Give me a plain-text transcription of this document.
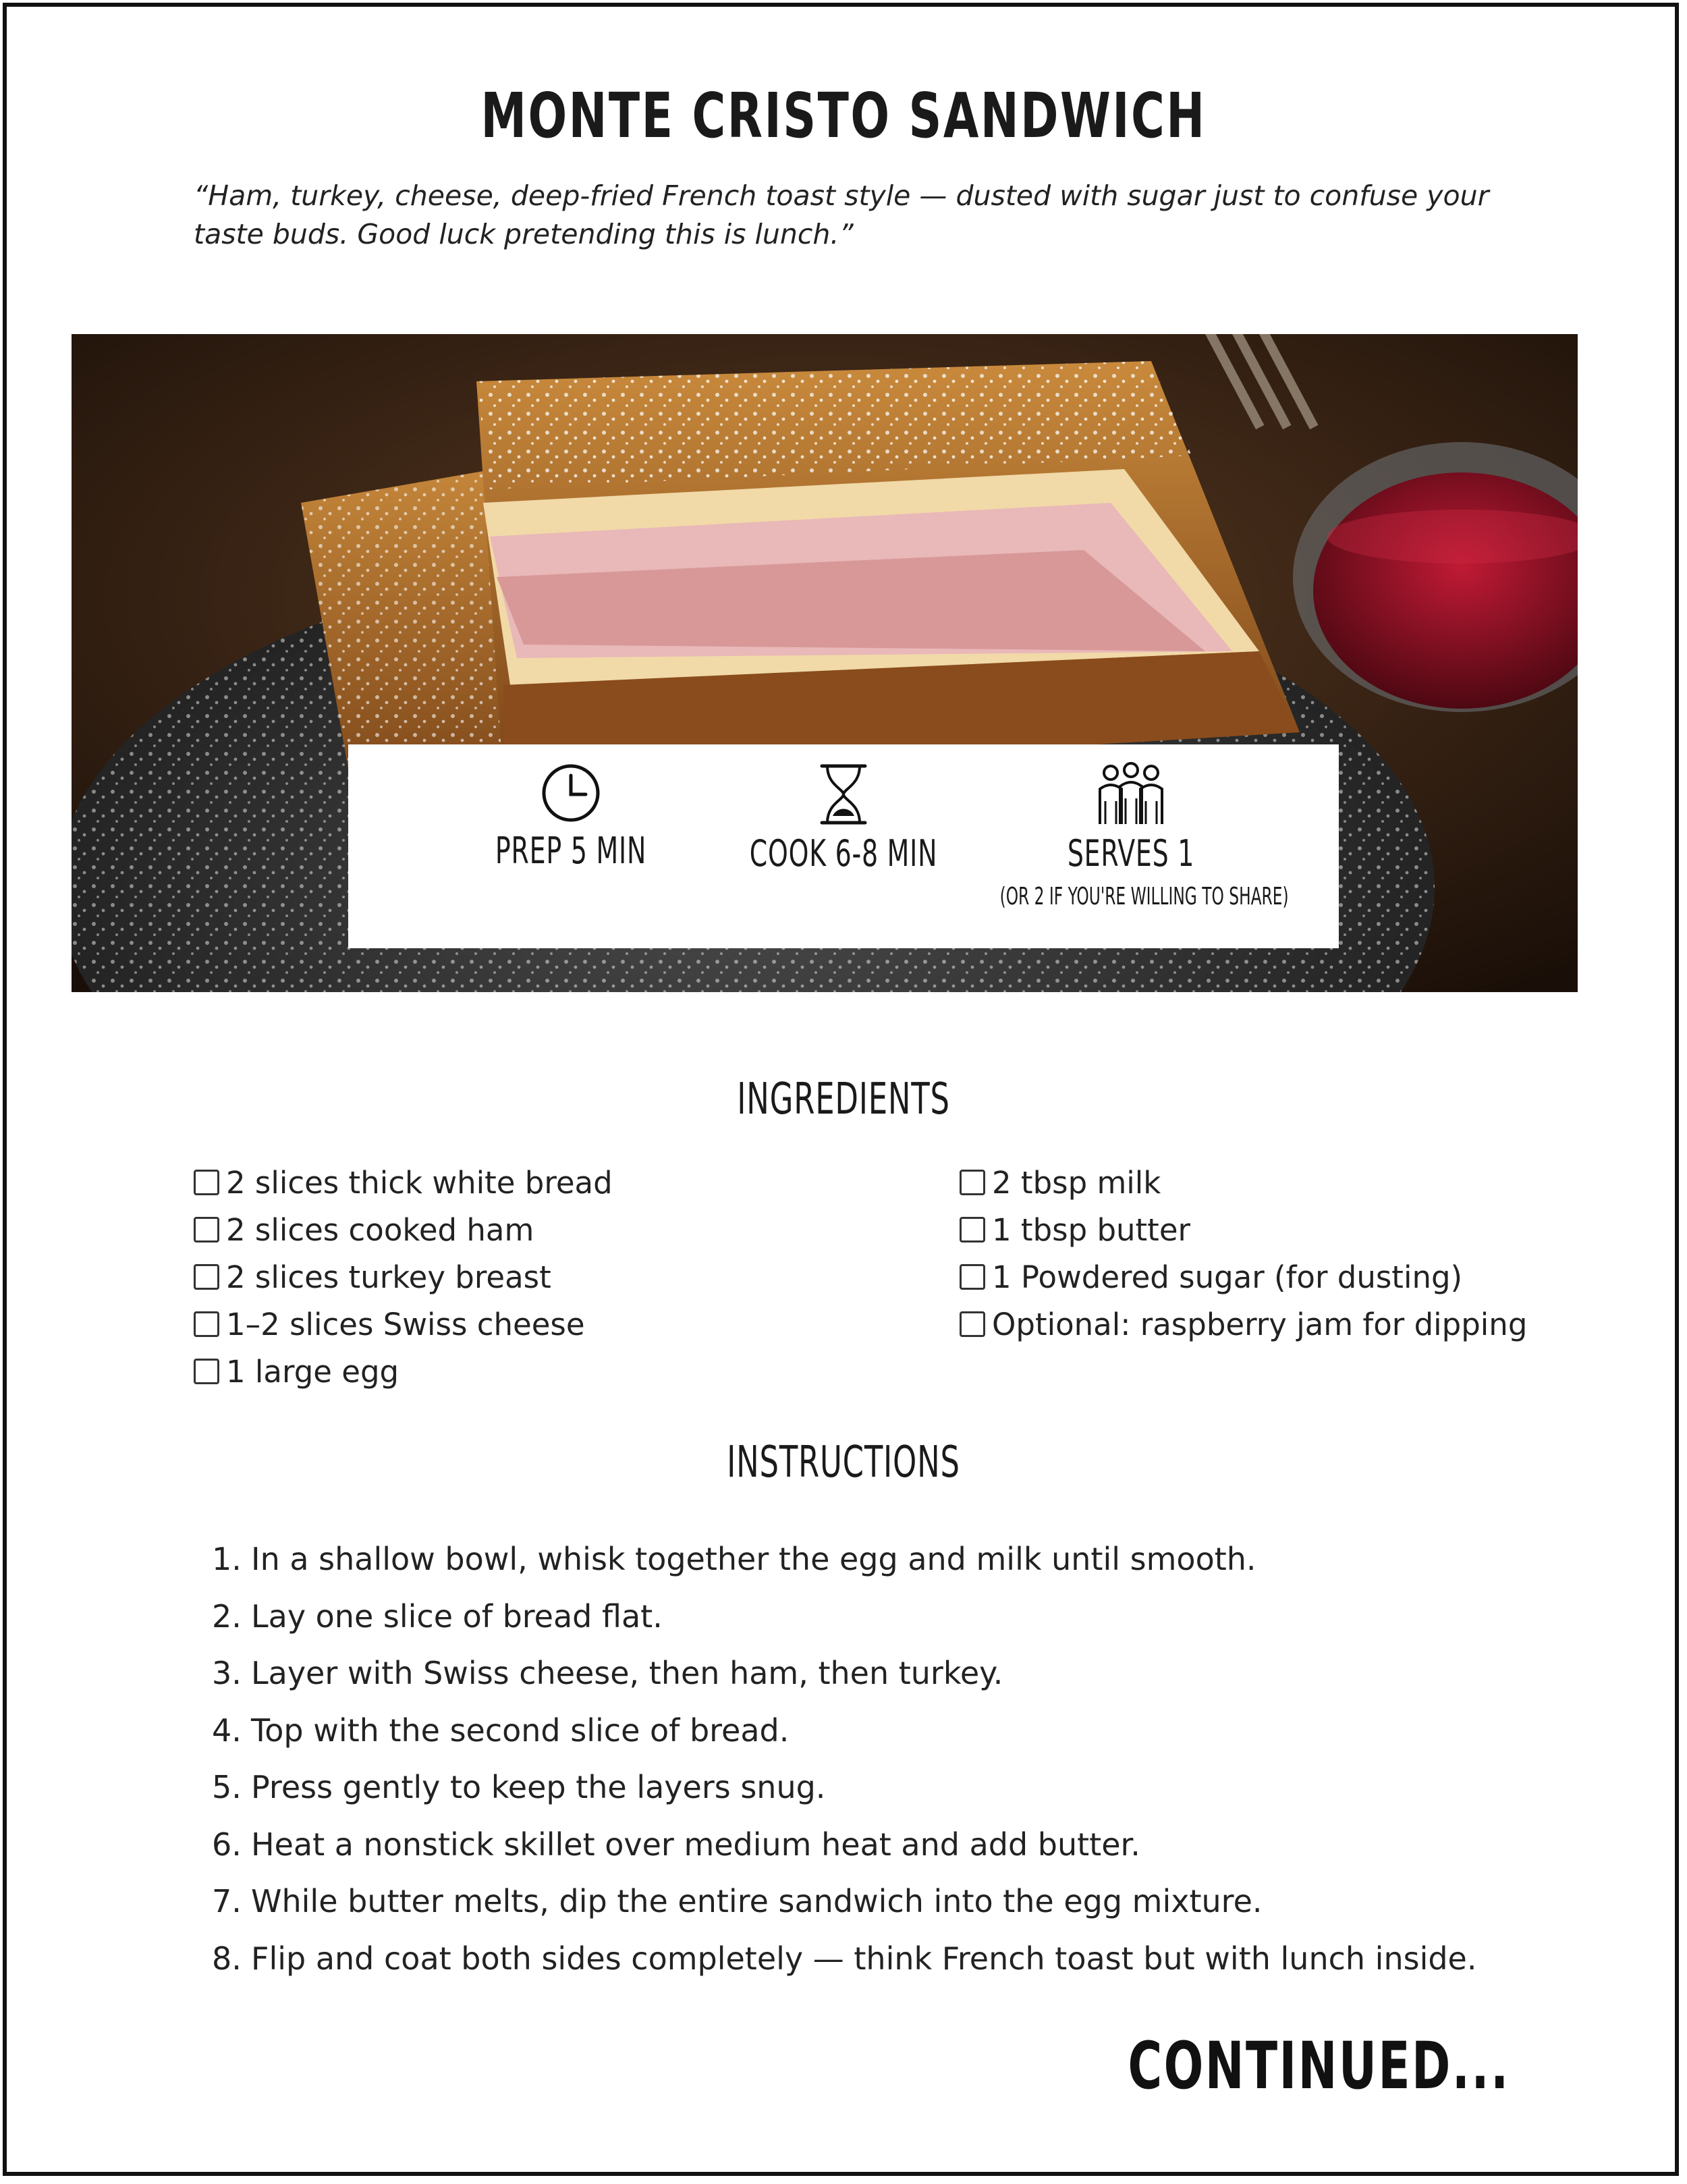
MONTE CRISTO SANDWICH
“Ham, turkey, cheese, deep-fried French toast style — dusted with sugar just to confuse your taste buds. Good luck pretending this is lunch.”
PREP 5 MIN	COOK 6-8 MIN	SERVES 1
(OR 2 IF YOU'RE WILLING TO SHARE)
INGREDIENTS
2 slices thick white bread
2 slices cooked ham
2 slices turkey breast
1–2 slices Swiss cheese
1 large egg
2 tbsp milk
1 tbsp butter
1 Powdered sugar (for dusting)
Optional: raspberry jam for dipping
INSTRUCTIONS
1. In a shallow bowl, whisk together the egg and milk until smooth.
2. Lay one slice of bread flat.
3. Layer with Swiss cheese, then ham, then turkey.
4. Top with the second slice of bread.
5. Press gently to keep the layers snug.
6. Heat a nonstick skillet over medium heat and add butter.
7. While butter melts, dip the entire sandwich into the egg mixture.
8. Flip and coat both sides completely — think French toast but with lunch inside.
CONTINUED...
